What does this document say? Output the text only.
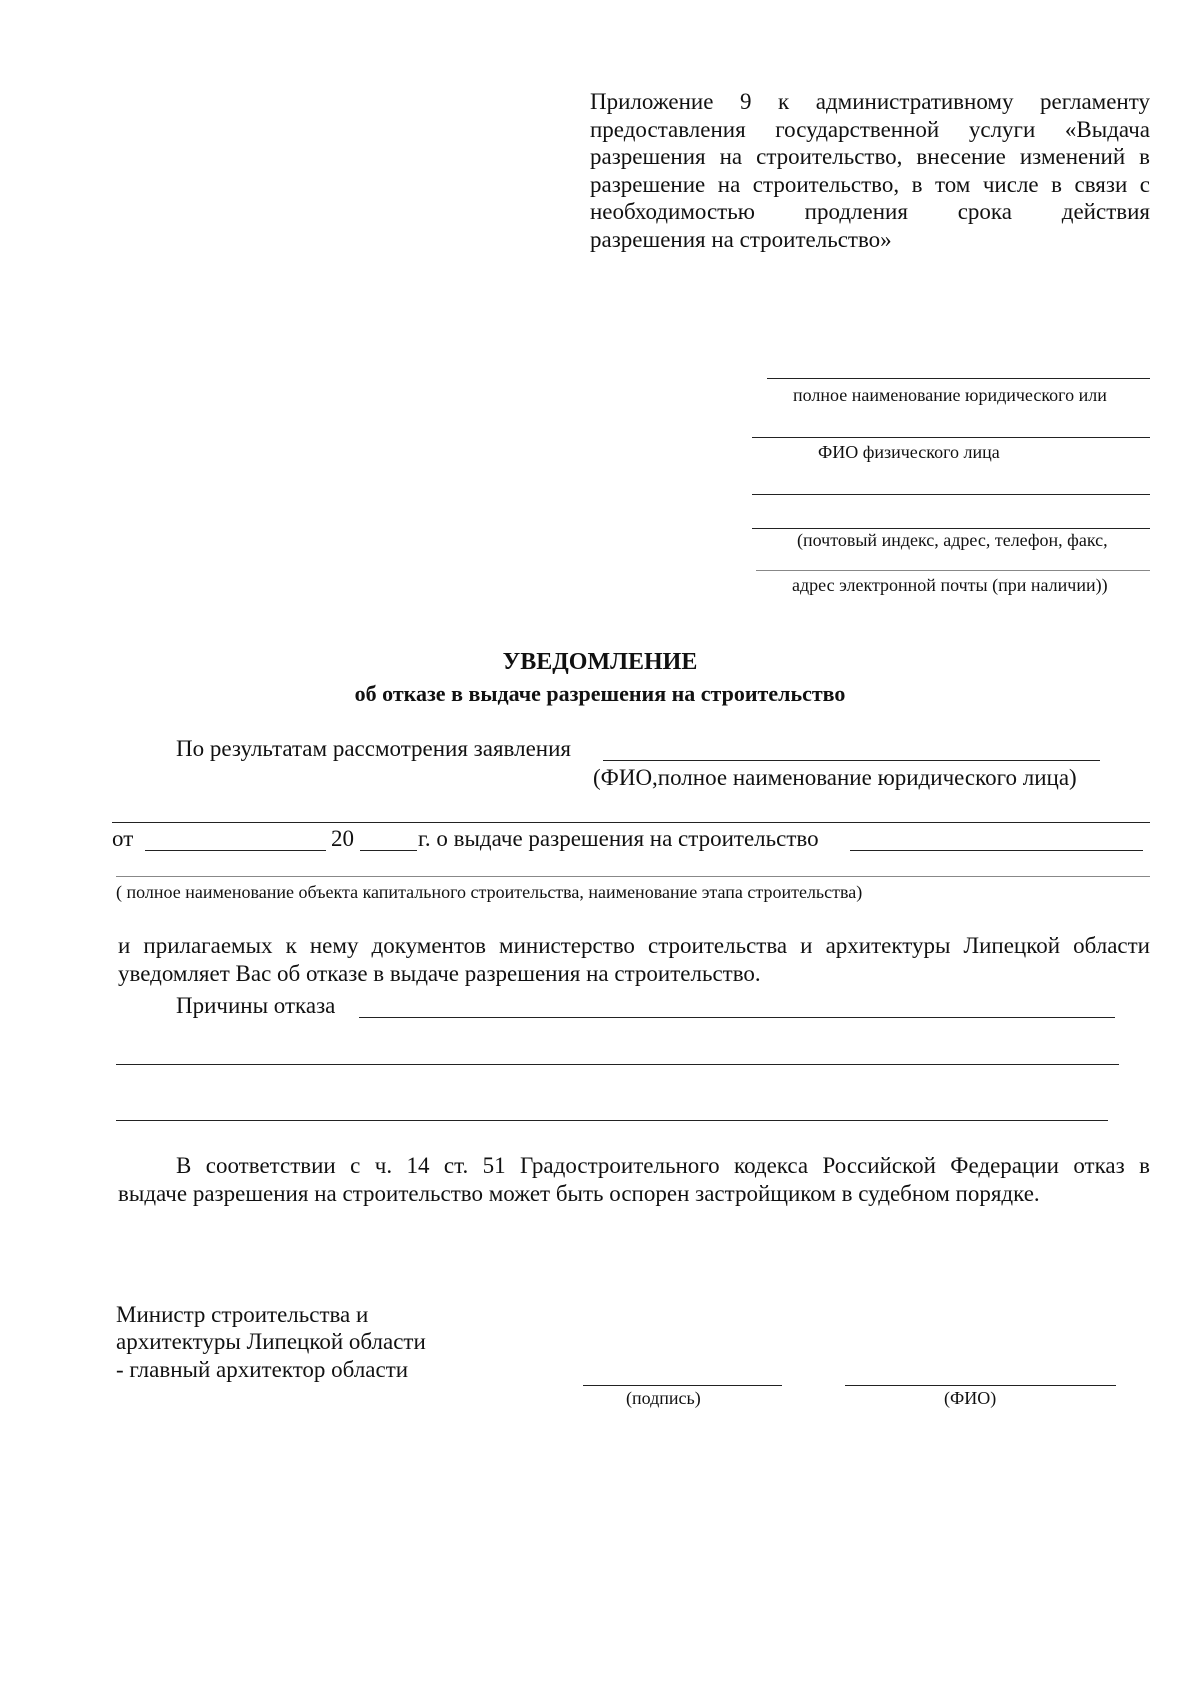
Приложение 9 к административному регламенту
предоставления государственной услуги «Выдача
разрешения на строительство, внесение изменений в
разрешение на строительство, в том числе в связи с
необходимостью продления срока действия
разрешения на строительство»
полное наименование юридического или
ФИО физического лица
(почтовый индекс, адрес, телефон, факс,
адрес электронной почты (при наличии))
УВЕДОМЛЕНИЕ
об отказе в выдаче разрешения на строительство
По результатам рассмотрения заявления
(ФИО,полное наименование юридического лица)
от	20	г. о выдаче разрешения на строительство
( полное наименование объекта капитального строительства, наименование этапа строительства)
и прилагаемых к нему документов министерство строительства и архитектуры Липецкой области
уведомляет Вас об отказе в выдаче разрешения на строительство.
Причины отказа
В соответствии с ч. 14 ст. 51 Градостроительного кодекса Российской Федерации отказ в
выдаче разрешения на строительство может быть оспорен застройщиком в судебном порядке.
Министр строительства и
архитектуры Липецкой области
- главный архитектор области
(подпись)	(ФИО)
